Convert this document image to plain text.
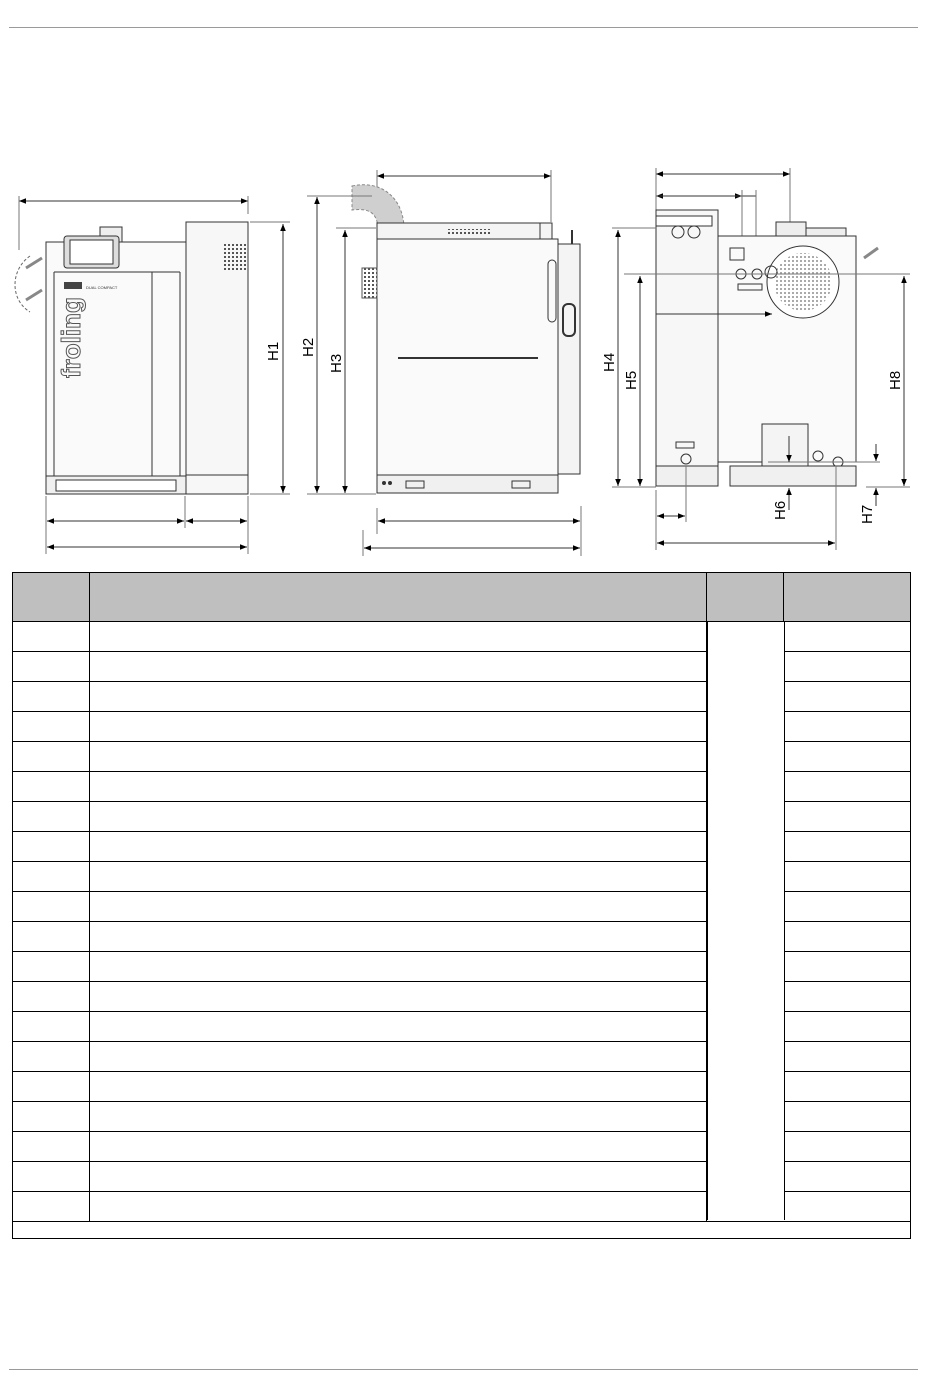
froling
DUAL COMPACT
H1 H2
H3	H4
H5	H8
H6	H7
